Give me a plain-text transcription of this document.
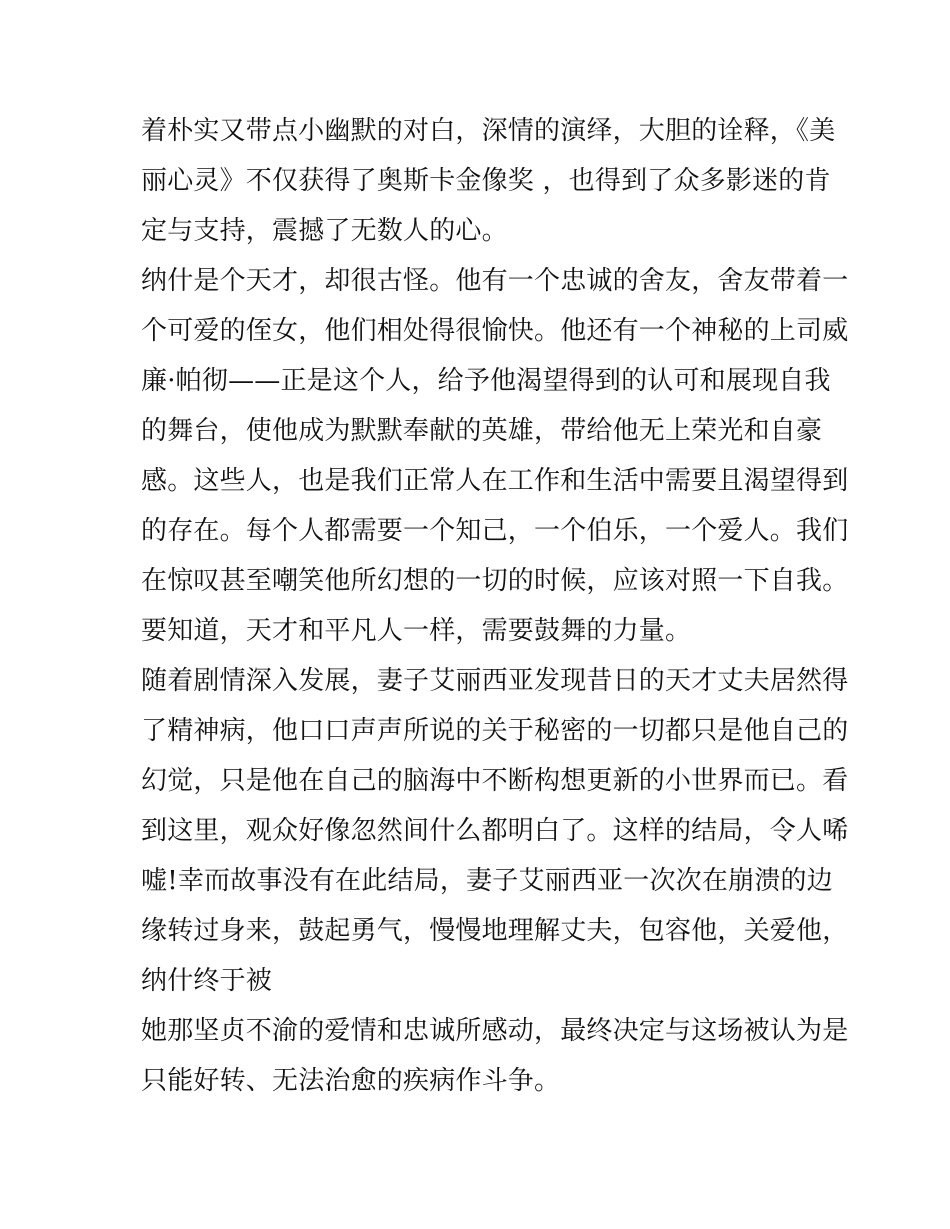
着朴实又带点小幽默的对白，深情的演绎，大胆的诠释，《美
丽心灵》不仅获得了奥斯卡金像奖 ，也得到了众多影迷的肯
定与支持，震撼了无数人的心。
纳什是个天才，却很古怪。他有一个忠诚的舍友，舍友带着一
个可爱的侄女，他们相处得很愉快。他还有一个神秘的上司威
廉·帕彻——正是这个人，给予他渴望得到的认可和展现自我
的舞台，使他成为默默奉献的英雄，带给他无上荣光和自豪
感。这些人，也是我们正常人在工作和生活中需要且渴望得到
的存在。每个人都需要一个知己，一个伯乐，一个爱人。我们
在惊叹甚至嘲笑他所幻想的一切的时候，应该对照一下自我。
要知道，天才和平凡人一样，需要鼓舞的力量。
随着剧情深入发展，妻子艾丽西亚发现昔日的天才丈夫居然得
了精神病，他口口声声所说的关于秘密的一切都只是他自己的
幻觉，只是他在自己的脑海中不断构想更新的小世界而已。看
到这里，观众好像忽然间什么都明白了。这样的结局，令人唏
嘘!幸而故事没有在此结局，妻子艾丽西亚一次次在崩溃的边
缘转过身来，鼓起勇气，慢慢地理解丈夫，包容他，关爱他，
纳什终于被
她那坚贞不渝的爱情和忠诚所感动，最终决定与这场被认为是
只能好转、无法治愈的疾病作斗争。
